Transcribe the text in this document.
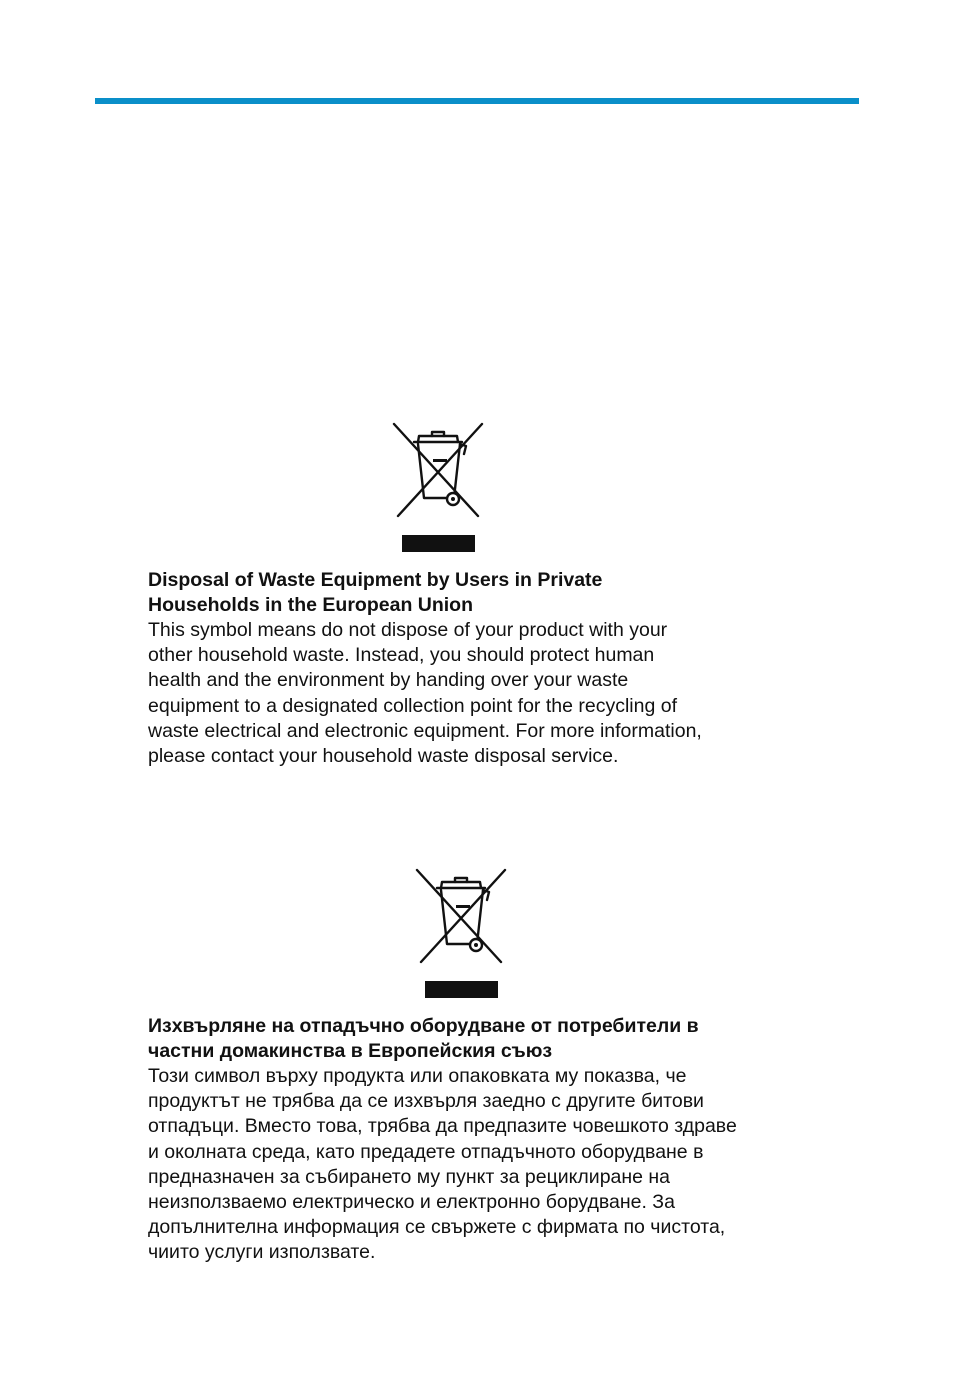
Disposal of Waste Equipment by Users in Private
Households in the European Union

This symbol means do not dispose of your product with your
other household waste. Instead, you should protect human
health and the environment by handing over your waste
equipment to a designated collection point for the recycling of
waste electrical and electronic equipment. For more information,
please contact your household waste disposal service.

Изхвърляне на отпадъчно оборудване от потребители в
частни домакинства в Европейския съюз

Този символ върху продукта или опаковката му показва, че
продуктът не трябва да се изхвърля заедно с другите битови
отпадъци. Вместо това, трябва да предпазите човешкото здраве
и околната среда, като предадете отпадъчното оборудване в
предназначен за събирането му пункт за рециклиране на
неизползваемо електрическо и електронно борудване. За
допълнителна информация се свържете с фирмата по чистота,
чиито услуги използвате.
